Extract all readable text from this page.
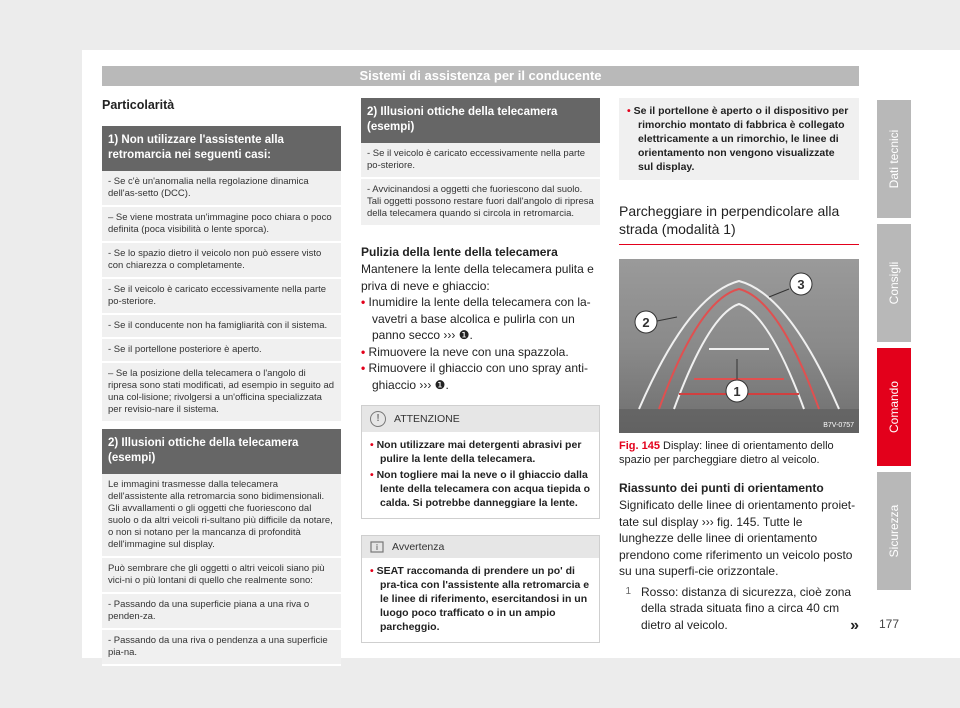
Sistemi di assistenza per il conducente
Dati tecnici
Consigli
Comando
Sicurezza
177
Particolarità
1) Non utilizzare l'assistente alla retromarcia nei seguenti casi:
- Se c'è un'anomalia nella regolazione dinamica dell'as-setto (DCC).
– Se viene mostrata un'immagine poco chiara o poco definita (poca visibilità o lente sporca).
- Se lo spazio dietro il veicolo non può essere visto con chiarezza o completamente.
- Se il veicolo è caricato eccessivamente nella parte po-steriore.
- Se il conducente non ha famigliarità con il sistema.
- Se il portellone posteriore è aperto.
– Se la posizione della telecamera o l'angolo di ripresa sono stati modificati, ad esempio in seguito ad una col-lisione; rivolgersi a un'officina specializzata per revisio-nare il sistema.
2) Illusioni ottiche della telecamera (esempi)
Le immagini trasmesse dalla telecamera dell'assistente alla retromarcia sono bidimensionali. Gli avvallamenti o gli oggetti che fuoriescono dal suolo o da altri veicoli ri-sultano più difficile da notare, o non si notano per la mancanza di profondità dell'immagine sul display.
Può sembrare che gli oggetti o altri veicoli siano più vici-ni o più lontani di quello che realmente sono:
- Passando da una superficie piana a una riva o penden-za.
- Passando da una riva o pendenza a una superficie pia-na.
2) Illusioni ottiche della telecamera (esempi)
- Se il veicolo è caricato eccessivamente nella parte po-steriore.
- Avvicinandosi a oggetti che fuoriescono dal suolo. Tali oggetti possono restare fuori dall'angolo di ripresa della telecamera quando si circola in retromarcia.
Pulizia della lente della telecamera
Mantenere la lente della telecamera pulita e priva di neve e ghiaccio:
• Inumidire la lente della telecamera con la-vavetri a base alcolica e pulirla con un panno secco ››› ❶.
• Rimuovere la neve con una spazzola.
• Rimuovere il ghiaccio con uno spray anti-ghiaccio ››› ❶.
!	ATTENZIONE
• Non utilizzare mai detergenti abrasivi per pulire la lente della telecamera.
• Non togliere mai la neve o il ghiaccio dalla lente della telecamera con acqua tiepida o calda. Si potrebbe danneggiare la lente.
i Avvertenza
• SEAT raccomanda di prendere un po' di pra-tica con l'assistente alla retromarcia e le linee di riferimento, esercitandosi in un luogo poco trafficato o in un ampio parcheggio.
• Se il portellone è aperto o il dispositivo per rimorchio montato di fabbrica è collegato elettricamente a un rimorchio, le linee di orientamento non vengono visualizzate sul display.
Parcheggiare in perpendicolare alla strada (modalità 1)
1
2
3
B7V-0757
Fig. 145 Display: linee di orientamento dello spazio per parcheggiare dietro al veicolo.
Riassunto dei punti di orientamento
Significato delle linee di orientamento proiet-tate sul display ››› fig. 145. Tutte le lunghezze delle linee di orientamento prendono come riferimento un veicolo posto su una superfi-cie orizzontale.
1 Rosso: distanza di sicurezza, cioè zona della strada situata fino a circa 40 cm dietro al veicolo.	»
